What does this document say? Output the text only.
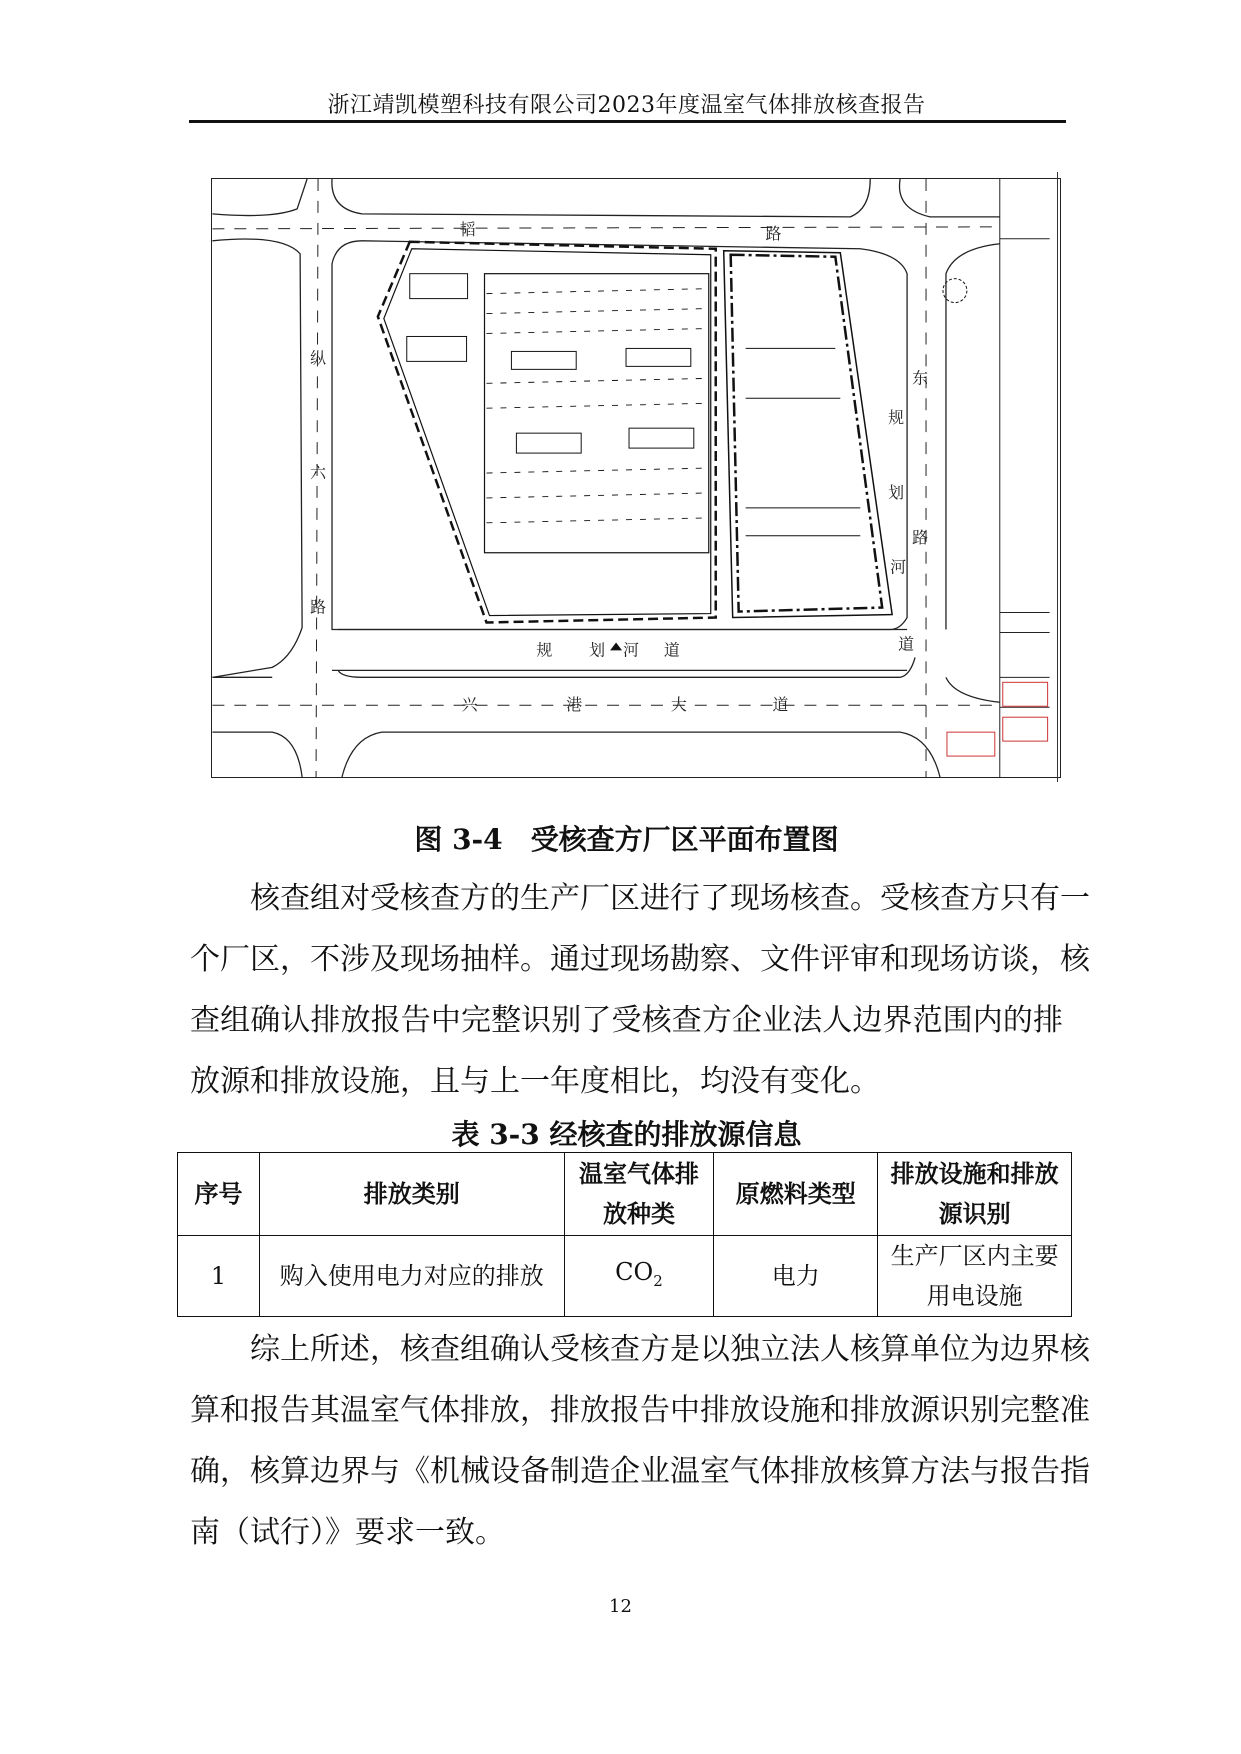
浙江靖凯模塑科技有限公司2023年度温室气体排放核查报告
韬	路
纵
六
路
规 划 河 道
兴	港	大	道
东
规
划
路
河
道
图 3-4　受核查方厂区平面布置图
核查组对受核查方的生产厂区进行了现场核查。受核查方只有一
个厂区，不涉及现场抽样。通过现场勘察、文件评审和现场访谈，核
查组确认排放报告中完整识别了受核查方企业法人边界范围内的排
放源和排放设施，且与上一年度相比，均没有变化。
表 3-3 经核查的排放源信息
序号	排放类别	温室气体排放种类	原燃料类型	排放设施和排放源识别
1	购入使用电力对应的排放	$CO_2$	电力	生产厂区内主要用电设施
综上所述，核查组确认受核查方是以独立法人核算单位为边界核
算和报告其温室气体排放，排放报告中排放设施和排放源识别完整准
确，核算边界与《机械设备制造企业温室气体排放核算方法与报告指
南（试行）》要求一致。
12
